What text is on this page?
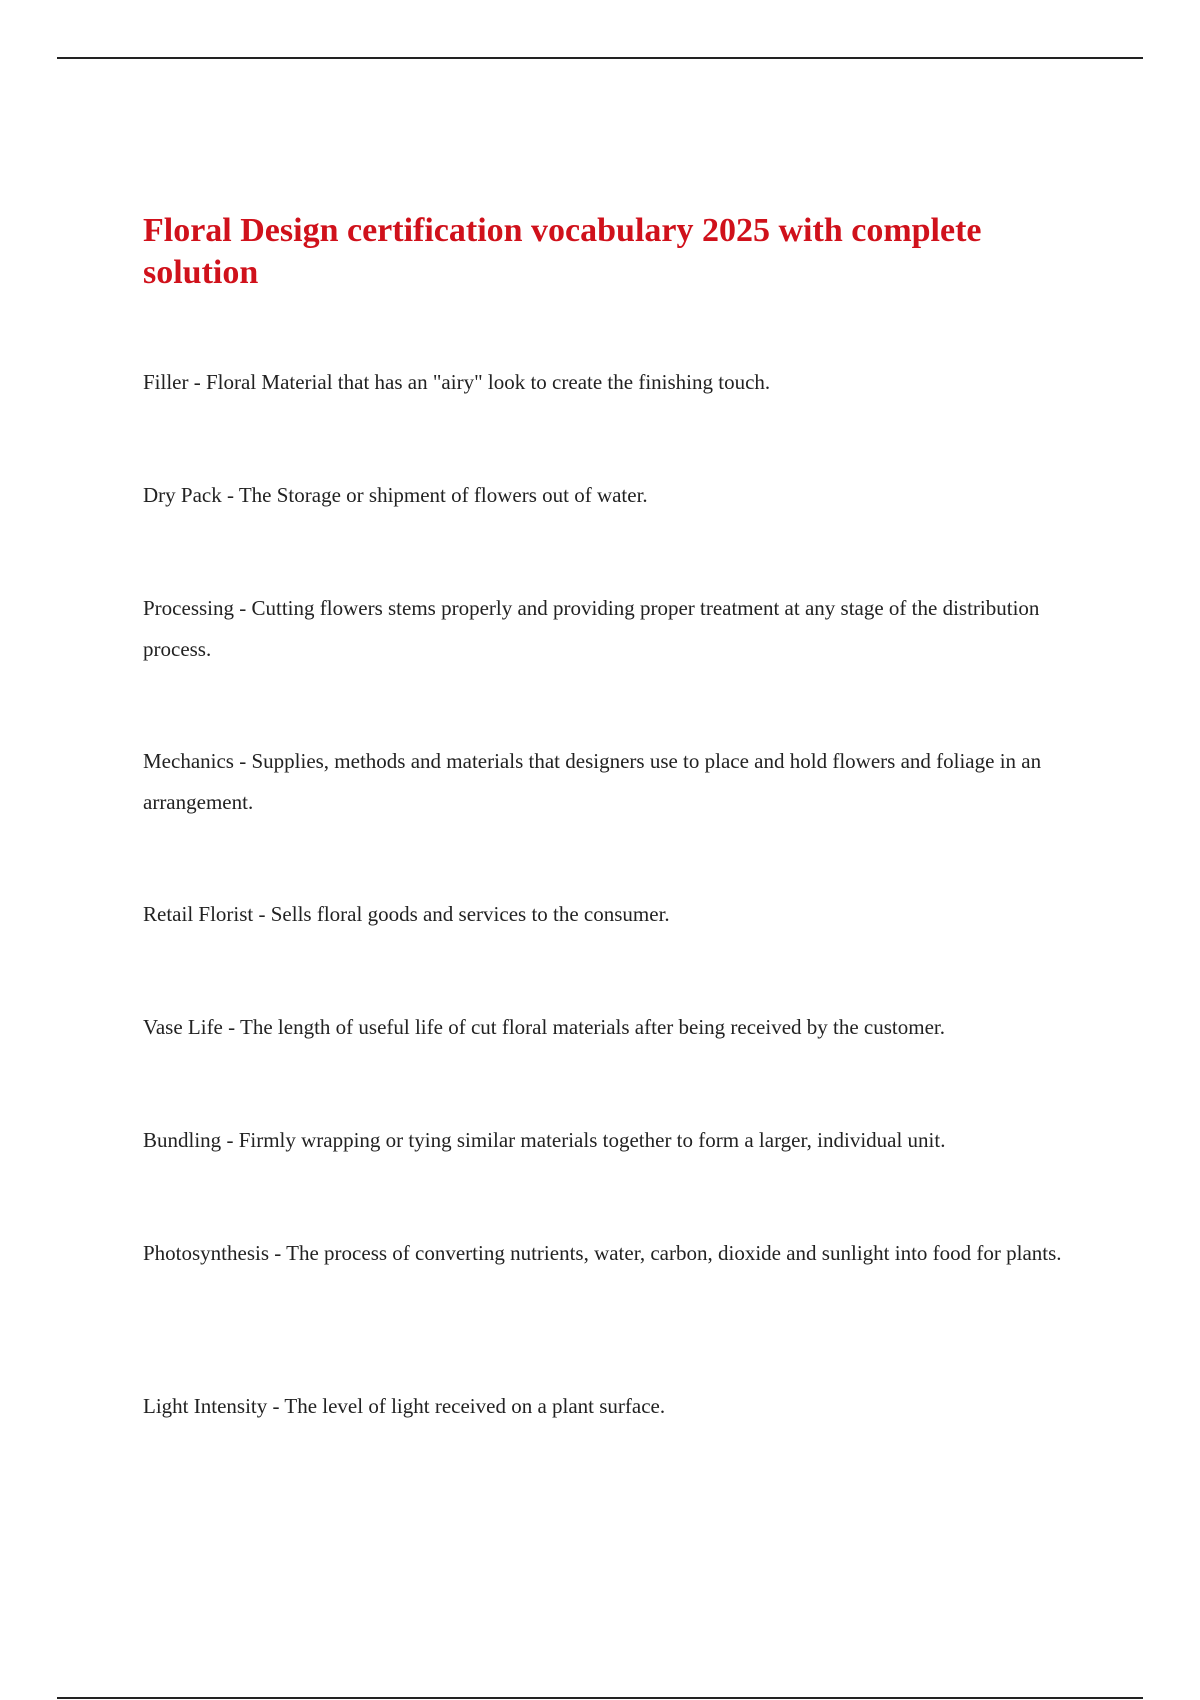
Floral Design certification vocabulary 2025 with complete solution
Filler - Floral Material that has an "airy" look to create the finishing touch.
Dry Pack - The Storage or shipment of flowers out of water.
Processing - Cutting flowers stems properly and providing proper treatment at any stage of the distribution process.
Mechanics - Supplies, methods and materials that designers use to place and hold flowers and foliage in an arrangement.
Retail Florist - Sells floral goods and services to the consumer.
Vase Life - The length of useful life of cut floral materials after being received by the customer.
Bundling - Firmly wrapping or tying similar materials together to form a larger, individual unit.
Photosynthesis - The process of converting nutrients, water, carbon, dioxide and sunlight into food for plants.
Light Intensity - The level of light received on a plant surface.
